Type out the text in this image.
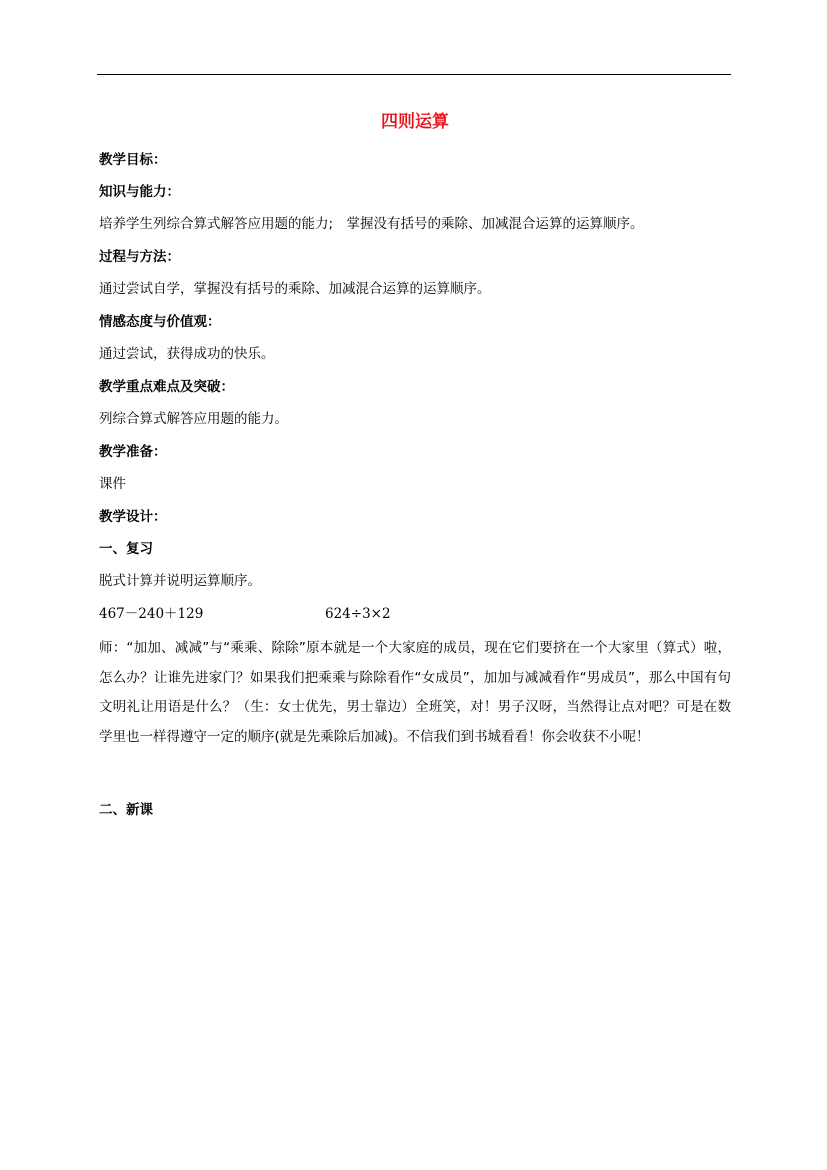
四则运算
教学目标：
知识与能力：
培养学生列综合算式解答应用题的能力;　掌握没有括号的乘除、加减混合运算的运算顺序。
过程与方法：
通过尝试自学，掌握没有括号的乘除、加减混合运算的运算顺序。
情感态度与价值观：
通过尝试，获得成功的快乐。
教学重点难点及突破：
列综合算式解答应用题的能力。
教学准备：
课件
教学设计：
一、复习
脱式计算并说明运算顺序。
467－240＋129	624÷3×2
师：“加加、减减”与“乘乘、除除”原本就是一个大家庭的成员，现在它们要挤在一个大家里（算式）啦，怎么办？让谁先进家门？如果我们把乘乘与除除看作“女成员”，加加与减减看作“男成员”，那么中国有句文明礼让用语是什么？（生：女士优先，男士靠边）全班笑，对！男子汉呀，当然得让点对吧？可是在数学里也一样得遵守一定的顺序(就是先乘除后加减)。不信我们到书城看看！你会收获不小呢！
二、新课
